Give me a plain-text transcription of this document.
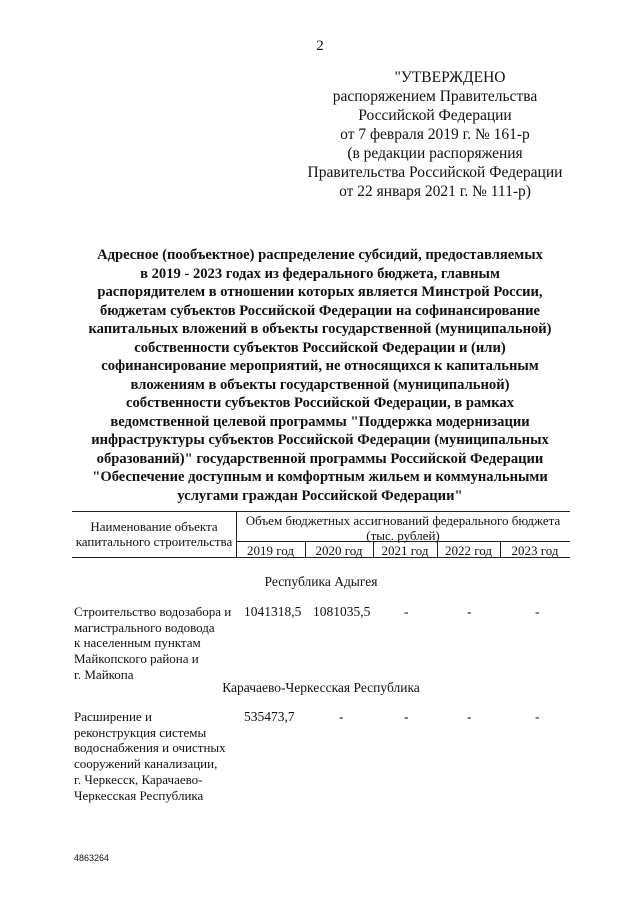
2
"УТВЕРЖДЕНО
распоряжением Правительства
Российской Федерации
от 7 февраля 2019 г. № 161-р
(в редакции распоряжения
Правительства Российской Федерации
от 22 января 2021 г. № 111-р)
Адресное (пообъектное) распределение субсидий, предоставляемых
в 2019 - 2023 годах из федерального бюджета, главным
распорядителем в отношении которых является Минстрой России,
бюджетам субъектов Российской Федерации на софинансирование
капитальных вложений в объекты государственной (муниципальной)
собственности субъектов Российской Федерации и (или)
софинансирование мероприятий, не относящихся к капитальным
вложениям в объекты государственной (муниципальной)
собственности субъектов Российской Федерации, в рамках
ведомственной целевой программы "Поддержка модернизации
инфраструктуры субъектов Российской Федерации (муниципальных
образований)" государственной программы Российской Федерации
"Обеспечение доступным и комфортным жильем и коммунальными
услугами граждан Российской Федерации"
Наименование объекта
капитального строительства
Объем бюджетных ассигнований федерального бюджета
(тыс. рублей)
2019 год	2020 год	2021 год	2022 год	2023 год
Республика Адыгея
Строительство водозабора и
магистрального водовода
к населенным пунктам
Майкопского района и
г. Майкопа
1041318,5 1081035,5 -	-	-
Карачаево-Черкесская Республика
Расширение и
реконструкция системы
водоснабжения и очистных
сооружений канализации,
г. Черкесск, Карачаево-
Черкесская Республика
535473,7	-	-	-	-
4863264
